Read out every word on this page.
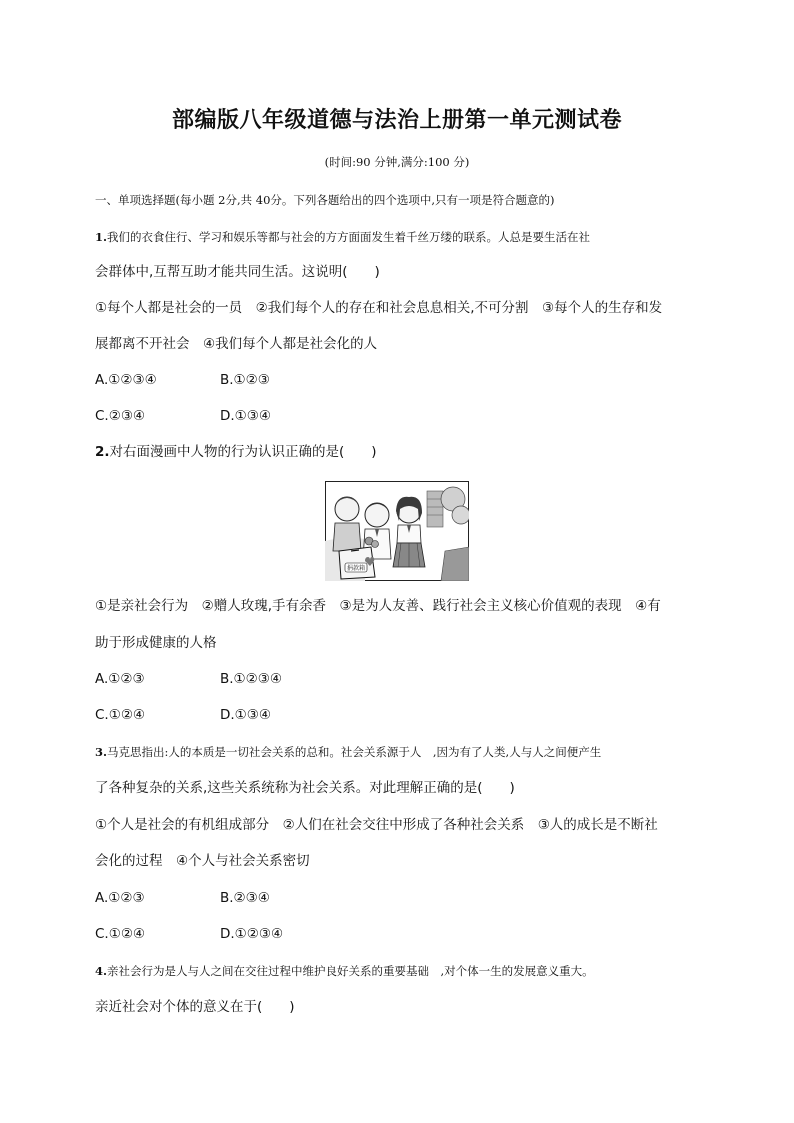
部编版八年级道德与法治上册第一单元测试卷
(时间:90 分钟,满分:100 分)
一、单项选择题(每小题 2分,共 40分。下列各题给出的四个选项中,只有一项是符合题意的)
1.我们的衣食住行、学习和娱乐等都与社会的方方面面发生着千丝万缕的联系。人总是要生活在社
会群体中,互帮互助才能共同生活。这说明(　　)
①每个人都是社会的一员　②我们每个人的存在和社会息息相关,不可分割　③每个人的生存和发
展都离不开社会　④我们每个人都是社会化的人
A.①②③④	B.①②③
C.②③④	D.①③④
2.对右面漫画中人物的行为认识正确的是(　　)
捐款箱
①是亲社会行为　②赠人玫瑰,手有余香　③是为人友善、践行社会主义核心价值观的表现　④有
助于形成健康的人格
A.①②③	B.①②③④
C.①②④	D.①③④
3.马克思指出:人的本质是一切社会关系的总和。社会关系源于人　,因为有了人类,人与人之间便产生
了各种复杂的关系,这些关系统称为社会关系。对此理解正确的是(　　)
①个人是社会的有机组成部分　②人们在社会交往中形成了各种社会关系　③人的成长是不断社
会化的过程　④个人与社会关系密切
A.①②③	B.②③④
C.①②④	D.①②③④
4.亲社会行为是人与人之间在交往过程中维护良好关系的重要基础　,对个体一生的发展意义重大。
亲近社会对个体的意义在于(　　)
